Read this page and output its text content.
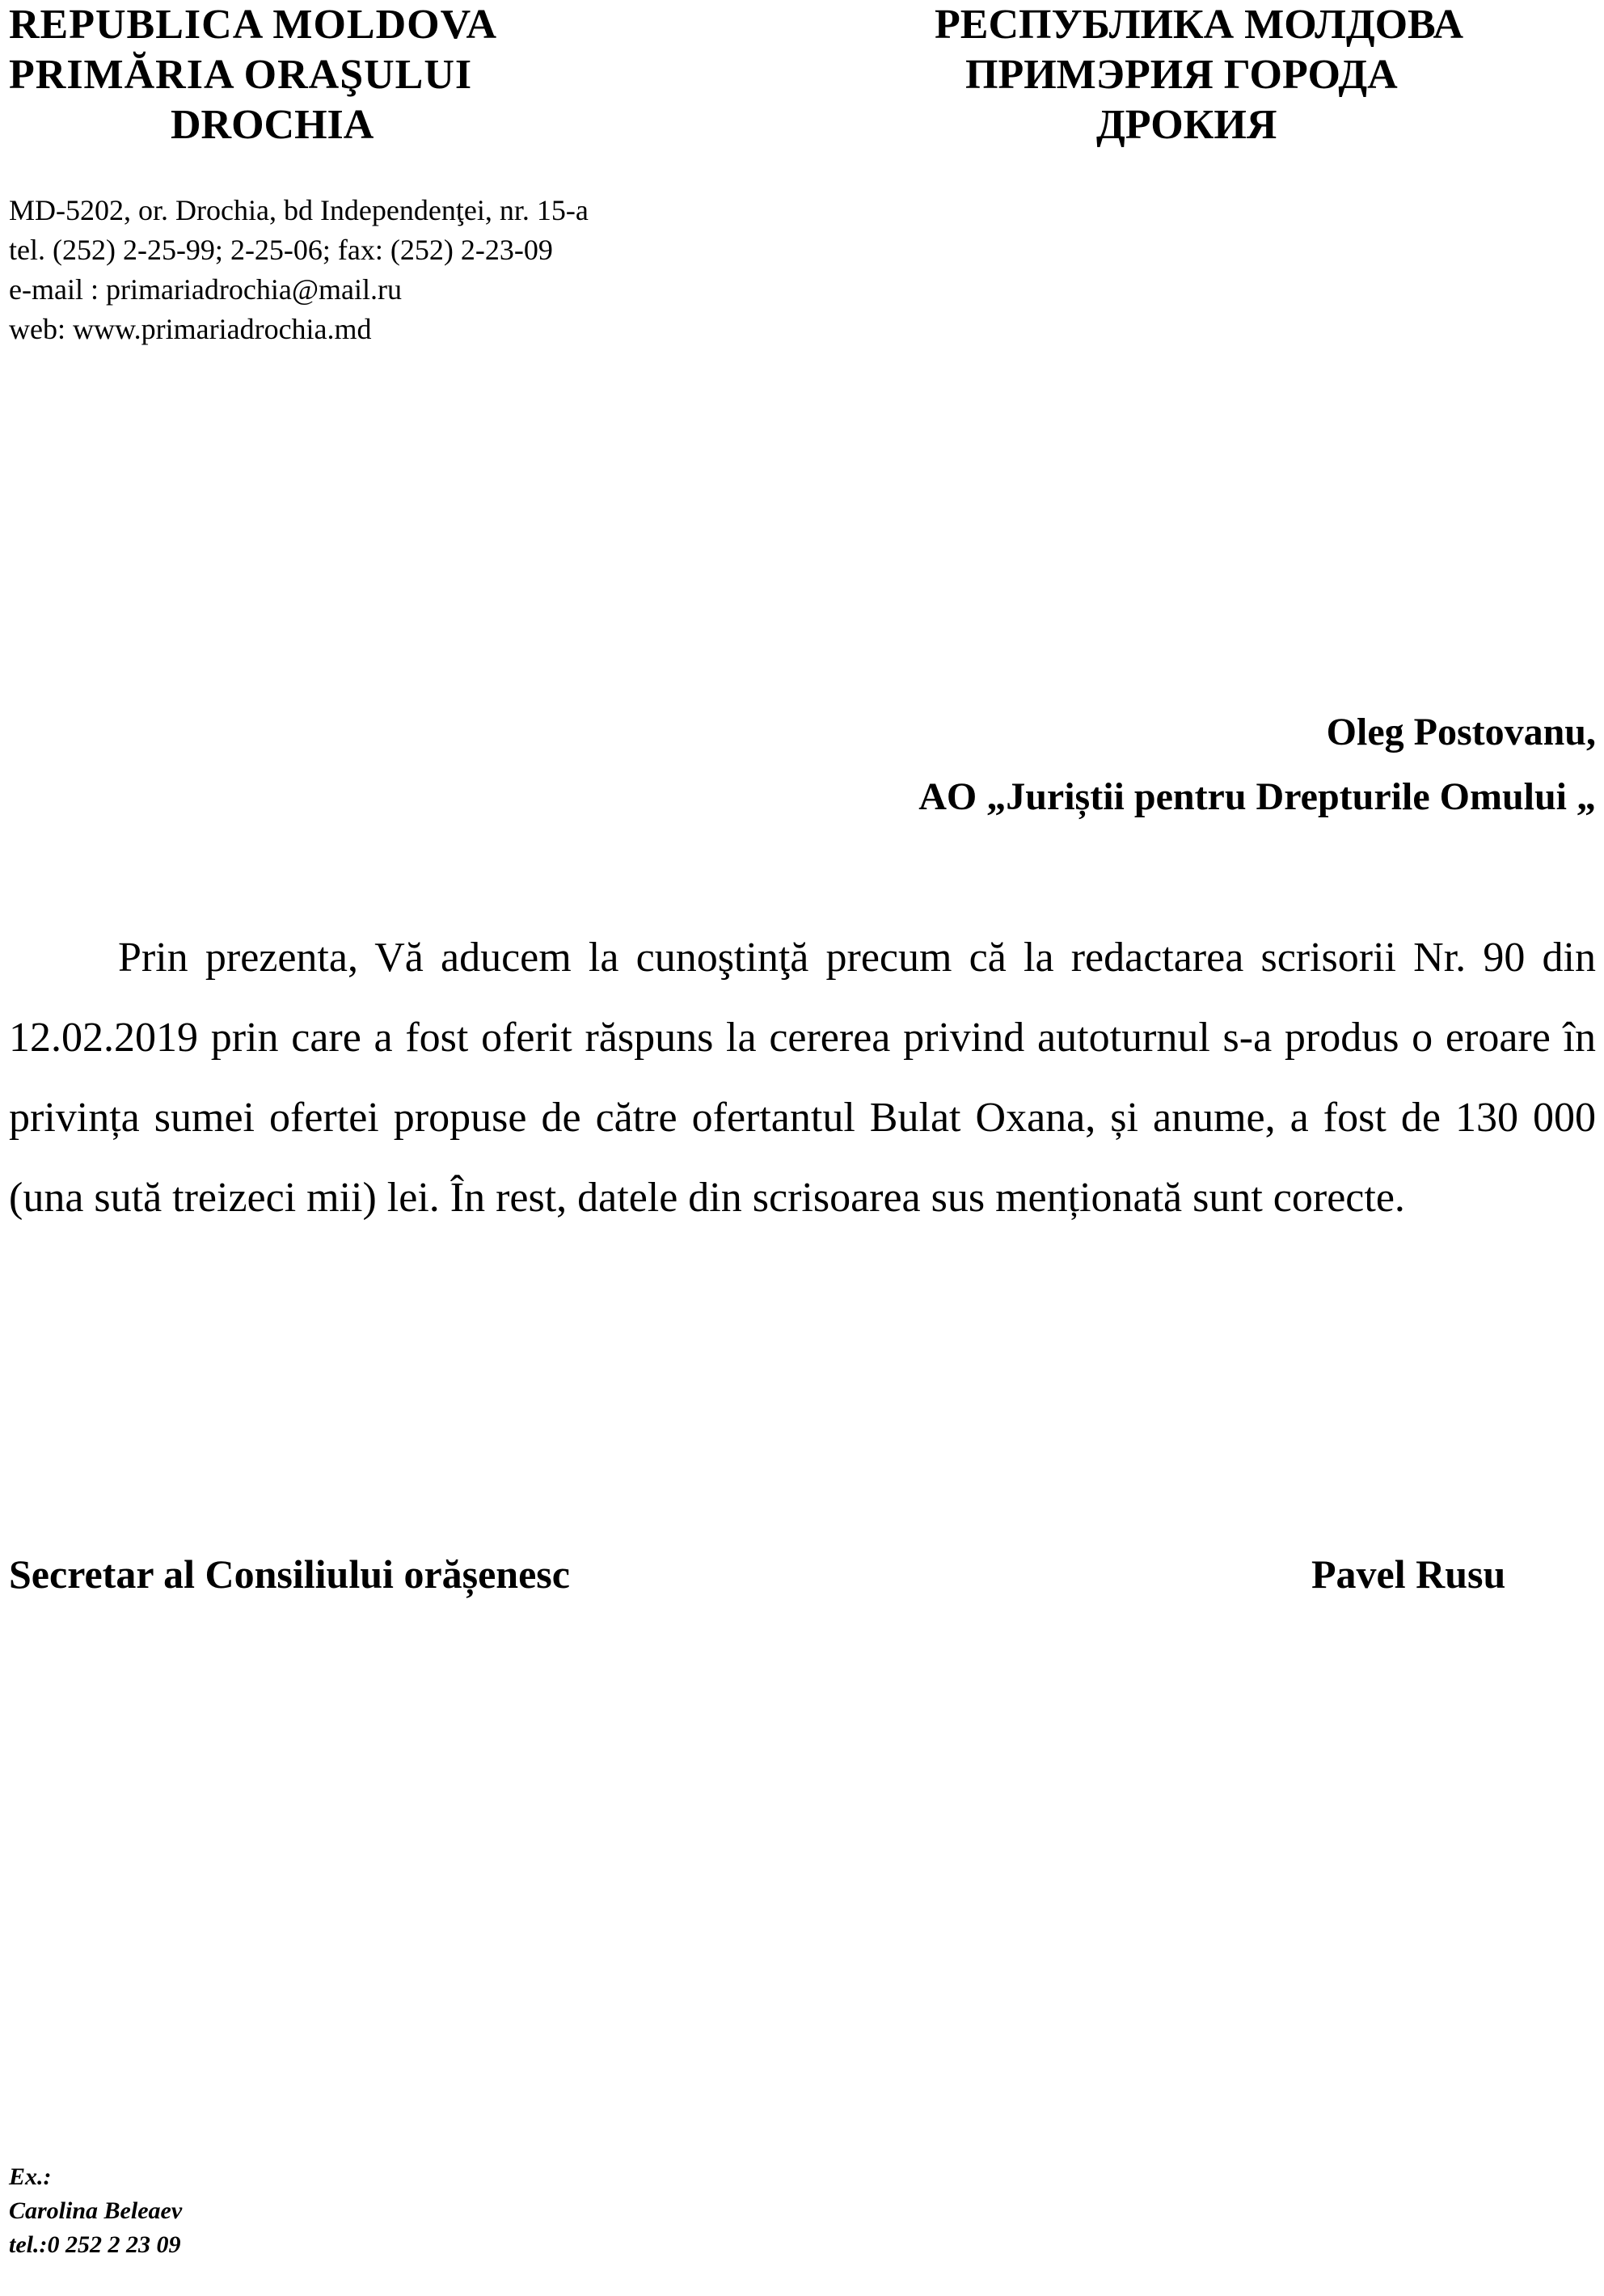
REPUBLICA MOLDOVA
PRIMĂRIA ORAŞULUI
DROCHIA
РЕСПУБЛИКА МОЛДОВА
ПРИМЭРИЯ ГОРОДА
ДРОКИЯ
MD-5202, or. Drochia, bd Independenţei, nr. 15-a
tel. (252) 2-25-99; 2-25-06; fax: (252) 2-23-09
e-mail : primariadrochia@mail.ru
web: www.primariadrochia.md
Oleg Postovanu,
AO „Juriștii pentru Drepturile Omului „

Prin prezenta, Vă aducem la cunoştinţă precum că la redactarea scrisorii Nr. 90 din 12.02.2019 prin care a fost oferit răspuns la cererea privind autoturnul s-a produs o eroare în privința sumei ofertei propuse de către ofertantul Bulat Oxana, și anume, a fost de 130 000 (una sută treizeci mii) lei. În rest, datele din scrisoarea sus menționată sunt corecte.

Secretar al Consiliului orășenesc	Pavel Rusu
Ex.:
Carolina Beleaev
tel.:0 252 2 23 09
